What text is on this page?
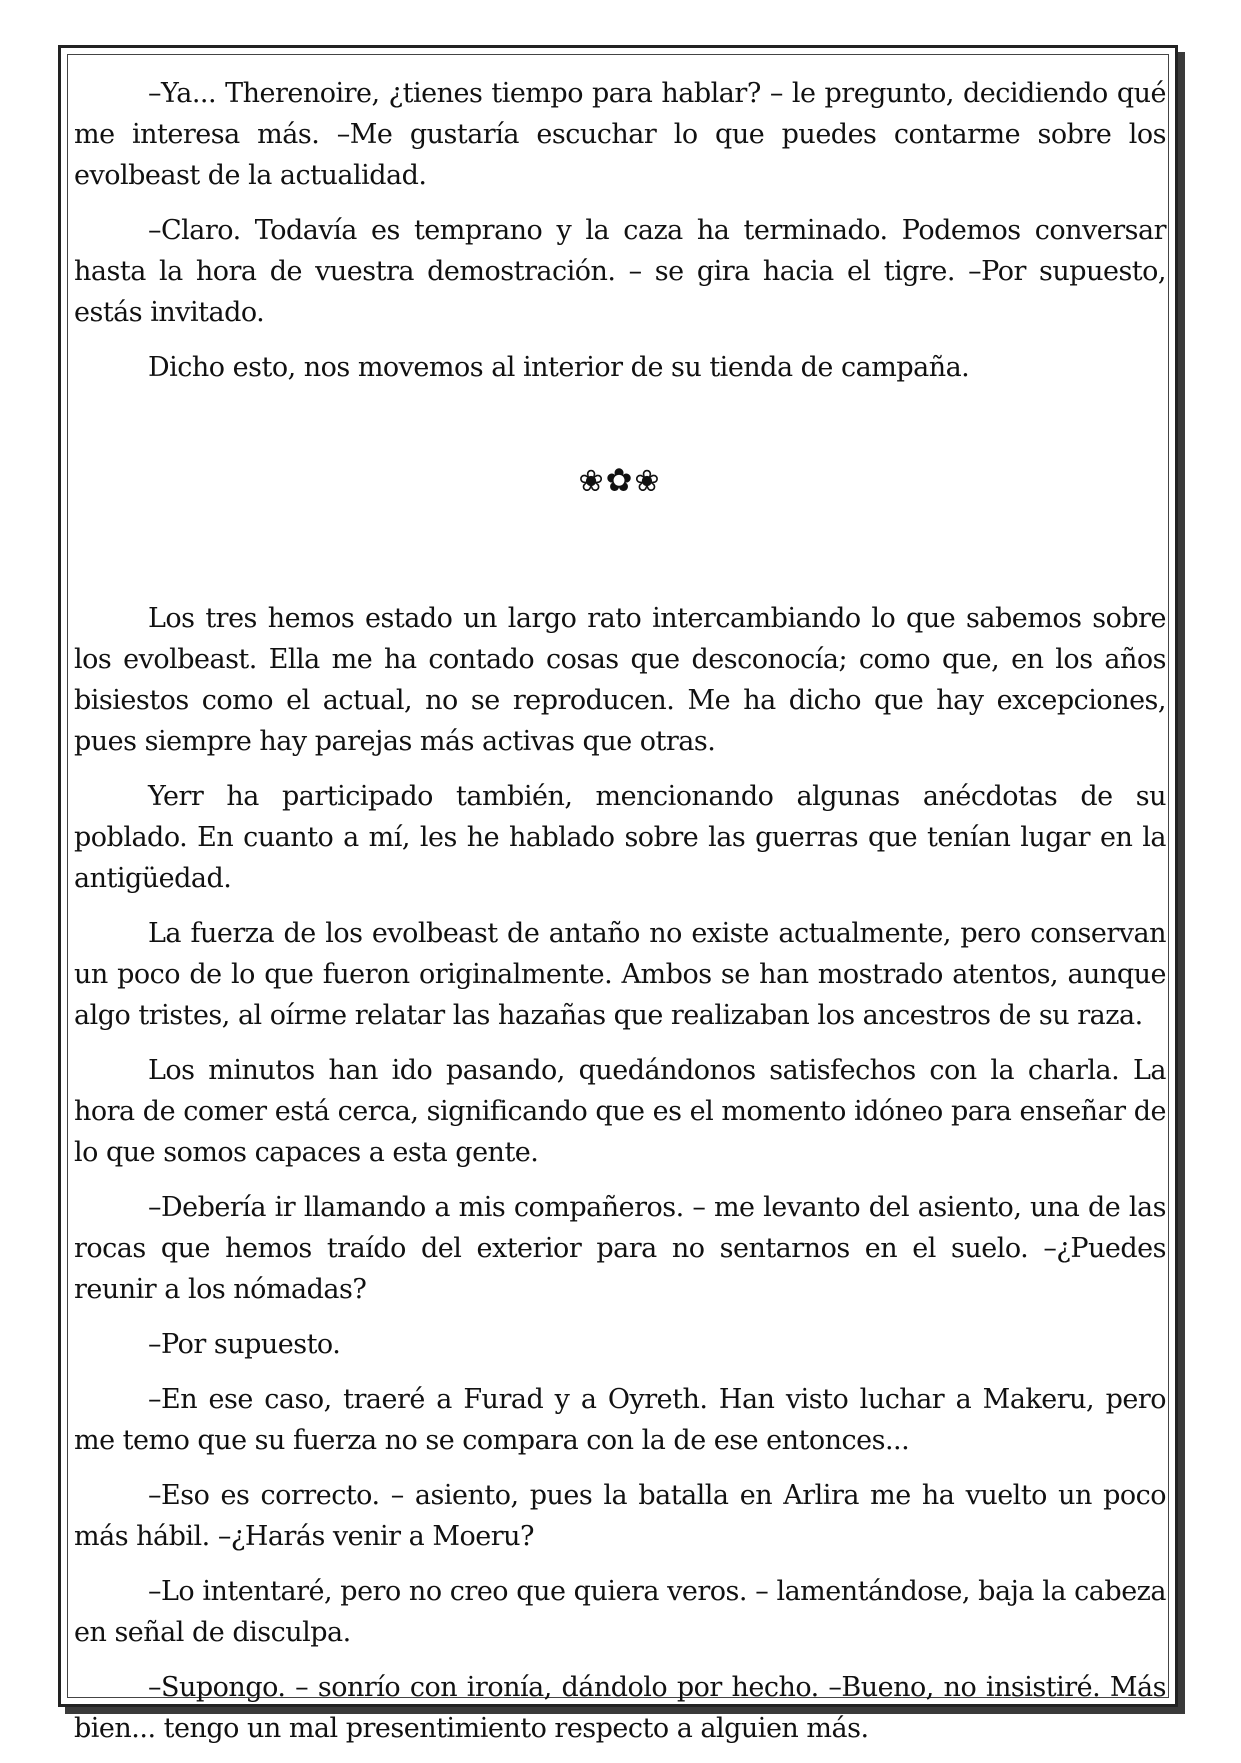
–Ya... Therenoire, ¿tienes tiempo para hablar? – le pregunto, decidiendo qué me interesa más. –Me gustaría escuchar lo que puedes contarme sobre los evolbeast de la actualidad.

–Claro. Todavía es temprano y la caza ha terminado. Podemos conversar hasta la hora de vuestra demostración. – se gira hacia el tigre. –Por supuesto, estás invitado.

Dicho esto, nos movemos al interior de su tienda de campaña.

❀✿❀

Los tres hemos estado un largo rato intercambiando lo que sabemos sobre los evolbeast. Ella me ha contado cosas que desconocía; como que, en los años bisiestos como el actual, no se reproducen. Me ha dicho que hay excepciones, pues siempre hay parejas más activas que otras.

Yerr ha participado también, mencionando algunas anécdotas de su poblado. En cuanto a mí, les he hablado sobre las guerras que tenían lugar en la antigüedad.

La fuerza de los evolbeast de antaño no existe actualmente, pero conservan un poco de lo que fueron originalmente. Ambos se han mostrado atentos, aunque algo tristes, al oírme relatar las hazañas que realizaban los ancestros de su raza.

Los minutos han ido pasando, quedándonos satisfechos con la charla. La hora de comer está cerca, significando que es el momento idóneo para enseñar de lo que somos capaces a esta gente.

–Debería ir llamando a mis compañeros. – me levanto del asiento, una de las rocas que hemos traído del exterior para no sentarnos en el suelo. –¿Puedes reunir a los nómadas?

–Por supuesto.

–En ese caso, traeré a Furad y a Oyreth. Han visto luchar a Makeru, pero me temo que su fuerza no se compara con la de ese entonces...

–Eso es correcto. – asiento, pues la batalla en Arlira me ha vuelto un poco más hábil. –¿Harás venir a Moeru?

–Lo intentaré, pero no creo que quiera veros. – lamentándose, baja la cabeza en señal de disculpa.

–Supongo. – sonrío con ironía, dándolo por hecho. –Bueno, no insistiré. Más bien... tengo un mal presentimiento respecto a alguien más.
